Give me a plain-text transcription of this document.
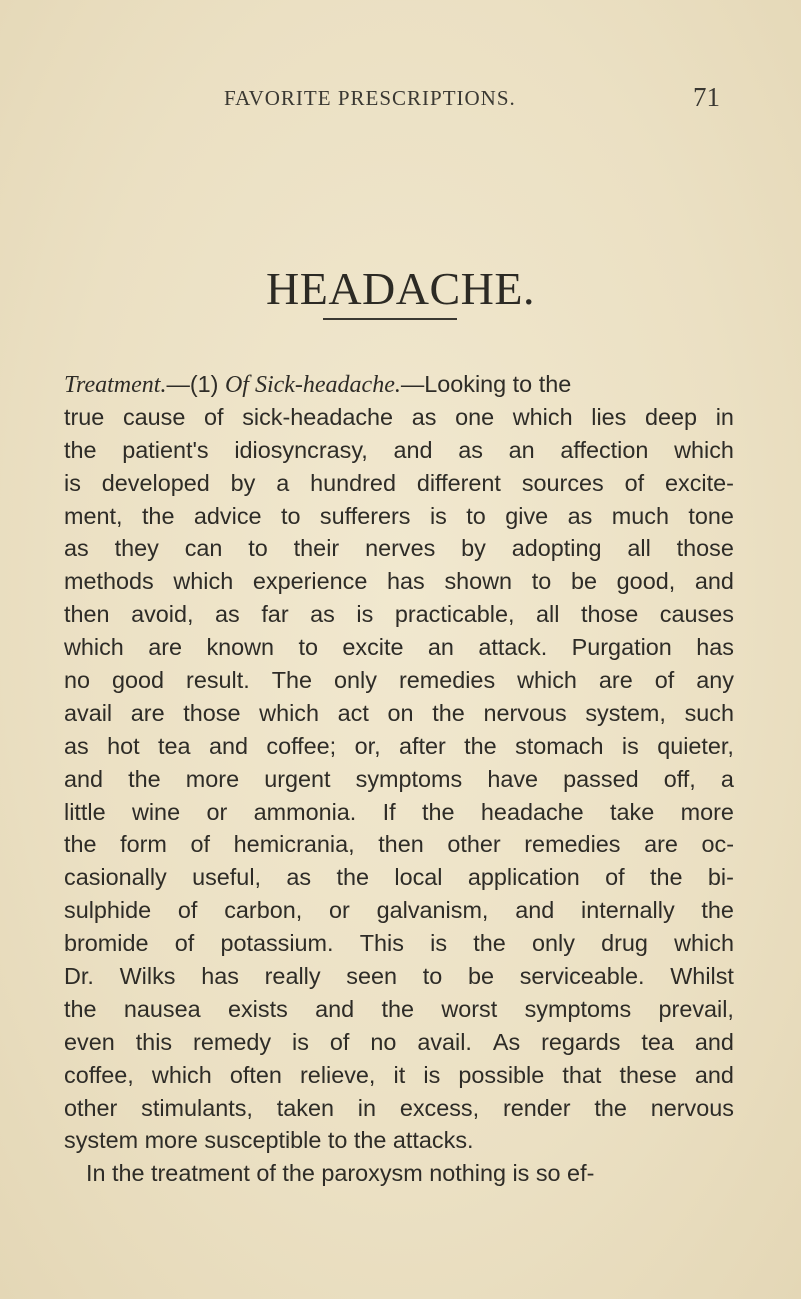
FAVORITE PRESCRIPTIONS.	71
HEADACHE.
Treatment.—(1) Of Sick-headache.—Looking to the
true cause of sick-headache as one which lies deep in
the patient's idiosyncrasy, and as an affection which
is developed by a hundred different sources of excite-
ment, the advice to sufferers is to give as much tone
as they can to their nerves by adopting all those
methods which experience has shown to be good, and
then avoid, as far as is practicable, all those causes
which are known to excite an attack. Purgation has
no good result. The only remedies which are of any
avail are those which act on the nervous system, such
as hot tea and coffee; or, after the stomach is quieter,
and the more urgent symptoms have passed off, a
little wine or ammonia. If the headache take more
the form of hemicrania, then other remedies are oc-
casionally useful, as the local application of the bi-
sulphide of carbon, or galvanism, and internally the
bromide of potassium. This is the only drug which
Dr. Wilks has really seen to be serviceable. Whilst
the nausea exists and the worst symptoms prevail,
even this remedy is of no avail. As regards tea and
coffee, which often relieve, it is possible that these and
other stimulants, taken in excess, render the nervous
system more susceptible to the attacks.
In the treatment of the paroxysm nothing is so ef-
